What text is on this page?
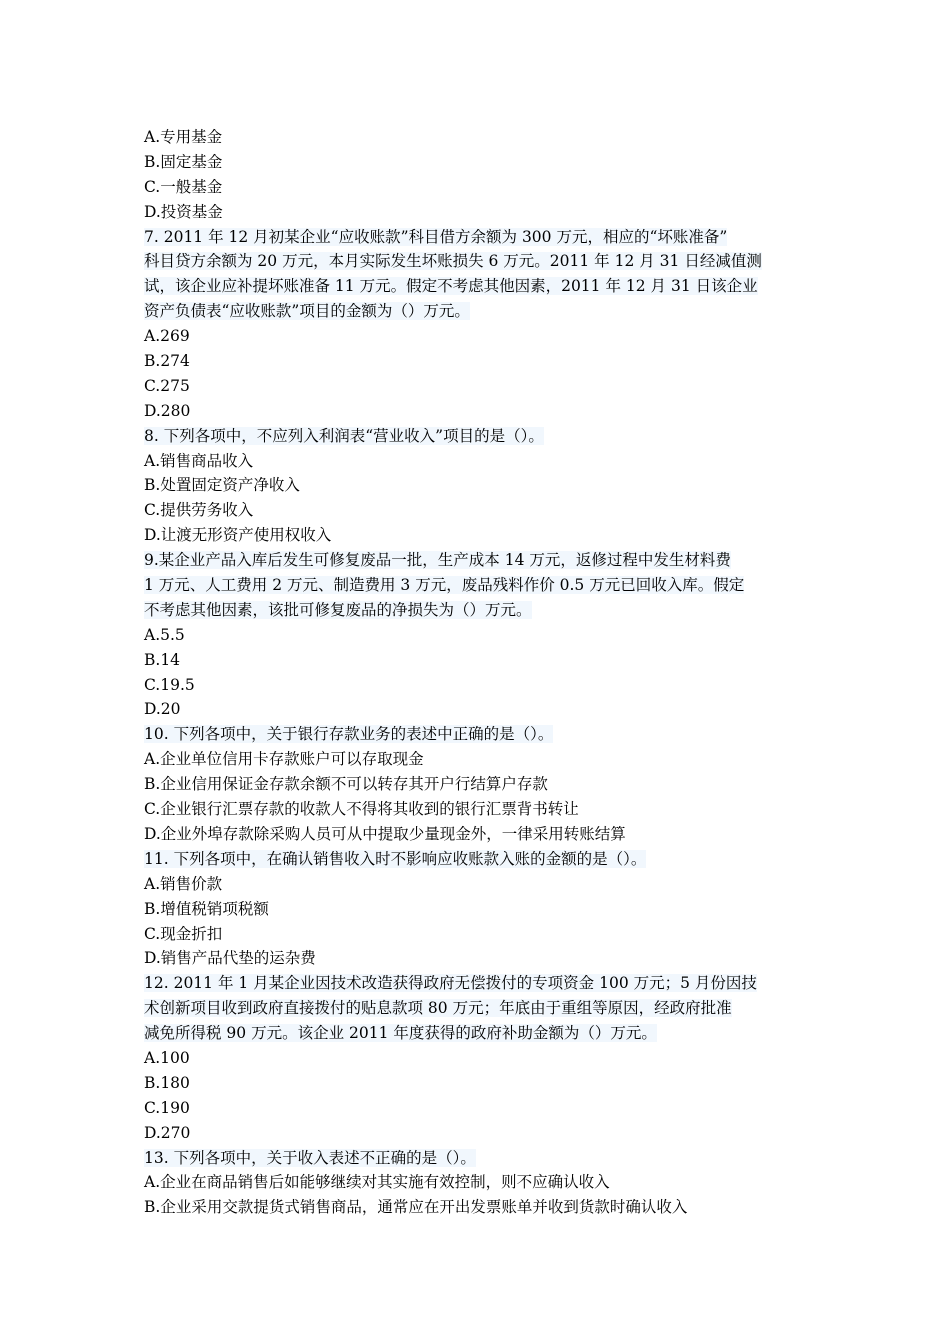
A.专用基金
B.固定基金
C.一般基金
D.投资基金
7. 2011 年 12 月初某企业“应收账款”科目借方余额为 300 万元，相应的“坏账准备”
科目贷方余额为 20 万元，本月实际发生坏账损失 6 万元。2011 年 12 月 31 日经减值测
试，该企业应补提坏账准备 11 万元。假定不考虑其他因素，2011 年 12 月 31 日该企业
资产负债表“应收账款”项目的金额为（）万元。
A.269
B.274
C.275
D.280
8. 下列各项中，不应列入利润表“营业收入”项目的是（）。
A.销售商品收入
B.处置固定资产净收入
C.提供劳务收入
D.让渡无形资产使用权收入
9.某企业产品入库后发生可修复废品一批，生产成本 14 万元，返修过程中发生材料费
1 万元、人工费用 2 万元、制造费用 3 万元，废品残料作价 0.5 万元已回收入库。假定
不考虑其他因素，该批可修复废品的净损失为（）万元。
A.5.5
B.14
C.19.5
D.20
10. 下列各项中，关于银行存款业务的表述中正确的是（）。
A.企业单位信用卡存款账户可以存取现金
B.企业信用保证金存款余额不可以转存其开户行结算户存款
C.企业银行汇票存款的收款人不得将其收到的银行汇票背书转让
D.企业外埠存款除采购人员可从中提取少量现金外，一律采用转账结算
11. 下列各项中，在确认销售收入时不影响应收账款入账的金额的是（）。
A.销售价款
B.增值税销项税额
C.现金折扣
D.销售产品代垫的运杂费
12. 2011 年 1 月某企业因技术改造获得政府无偿拨付的专项资金 100 万元；5 月份因技
术创新项目收到政府直接拨付的贴息款项 80 万元；年底由于重组等原因，经政府批准
减免所得税 90 万元。该企业 2011 年度获得的政府补助金额为（）万元。
A.100
B.180
C.190
D.270
13. 下列各项中，关于收入表述不正确的是（）。
A.企业在商品销售后如能够继续对其实施有效控制，则不应确认收入
B.企业采用交款提货式销售商品，通常应在开出发票账单并收到货款时确认收入
